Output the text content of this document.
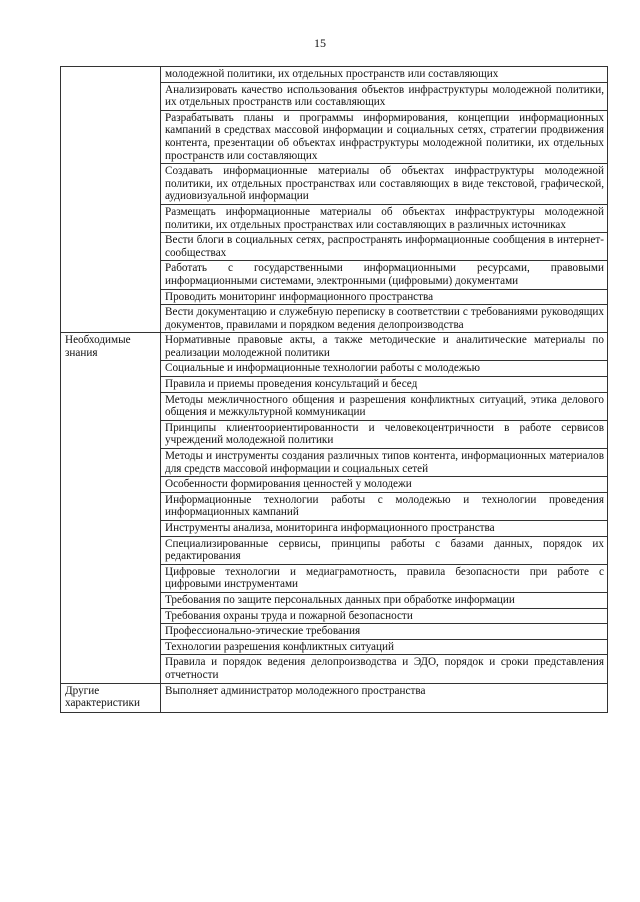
15
	молодежной политики, их отдельных пространств или составляющих
	Анализировать качество использования объектов инфраструктуры молодежной политики, их отдельных пространств или составляющих
	Разрабатывать планы и программы информирования, концепции информационных кампаний в средствах массовой информации и социальных сетях, стратегии продвижения контента, презентации об объектах инфраструктуры молодежной политики, их отдельных пространств или составляющих
	Создавать информационные материалы об объектах инфраструктуры молодежной политики, их отдельных пространствах или составляющих в виде текстовой, графической, аудиовизуальной информации
	Размещать информационные материалы об объектах инфраструктуры молодежной политики, их отдельных пространствах или составляющих в различных источниках
	Вести блоги в социальных сетях, распространять информационные сообщения в интернет-сообществах
	Работать с государственными информационными ресурсами, правовыми информационными системами, электронными (цифровыми) документами
	Проводить мониторинг информационного пространства
	Вести документацию и служебную переписку в соответствии с требованиями руководящих документов, правилами и порядком ведения делопроизводства
Необходимые знания	Нормативные правовые акты, а также методические и аналитические материалы по реализации молодежной политики
	Социальные и информационные технологии работы с молодежью
	Правила и приемы проведения консультаций и бесед
	Методы межличностного общения и разрешения конфликтных ситуаций, этика делового общения и межкультурной коммуникации
	Принципы клиентоориентированности и человекоцентричности в работе сервисов учреждений молодежной политики
	Методы и инструменты создания различных типов контента, информационных материалов для средств массовой информации и социальных сетей
	Особенности формирования ценностей у молодежи
	Информационные технологии работы с молодежью и технологии проведения информационных кампаний
	Инструменты анализа, мониторинга информационного пространства
	Специализированные сервисы, принципы работы с базами данных, порядок их редактирования
	Цифровые технологии и медиаграмотность, правила безопасности при работе с цифровыми инструментами
	Требования по защите персональных данных при обработке информации
	Требования охраны труда и пожарной безопасности
	Профессионально-этические требования
	Технологии разрешения конфликтных ситуаций
	Правила и порядок ведения делопроизводства и ЭДО, порядок и сроки представления отчетности
Другие характеристики	Выполняет администратор молодежного пространства
